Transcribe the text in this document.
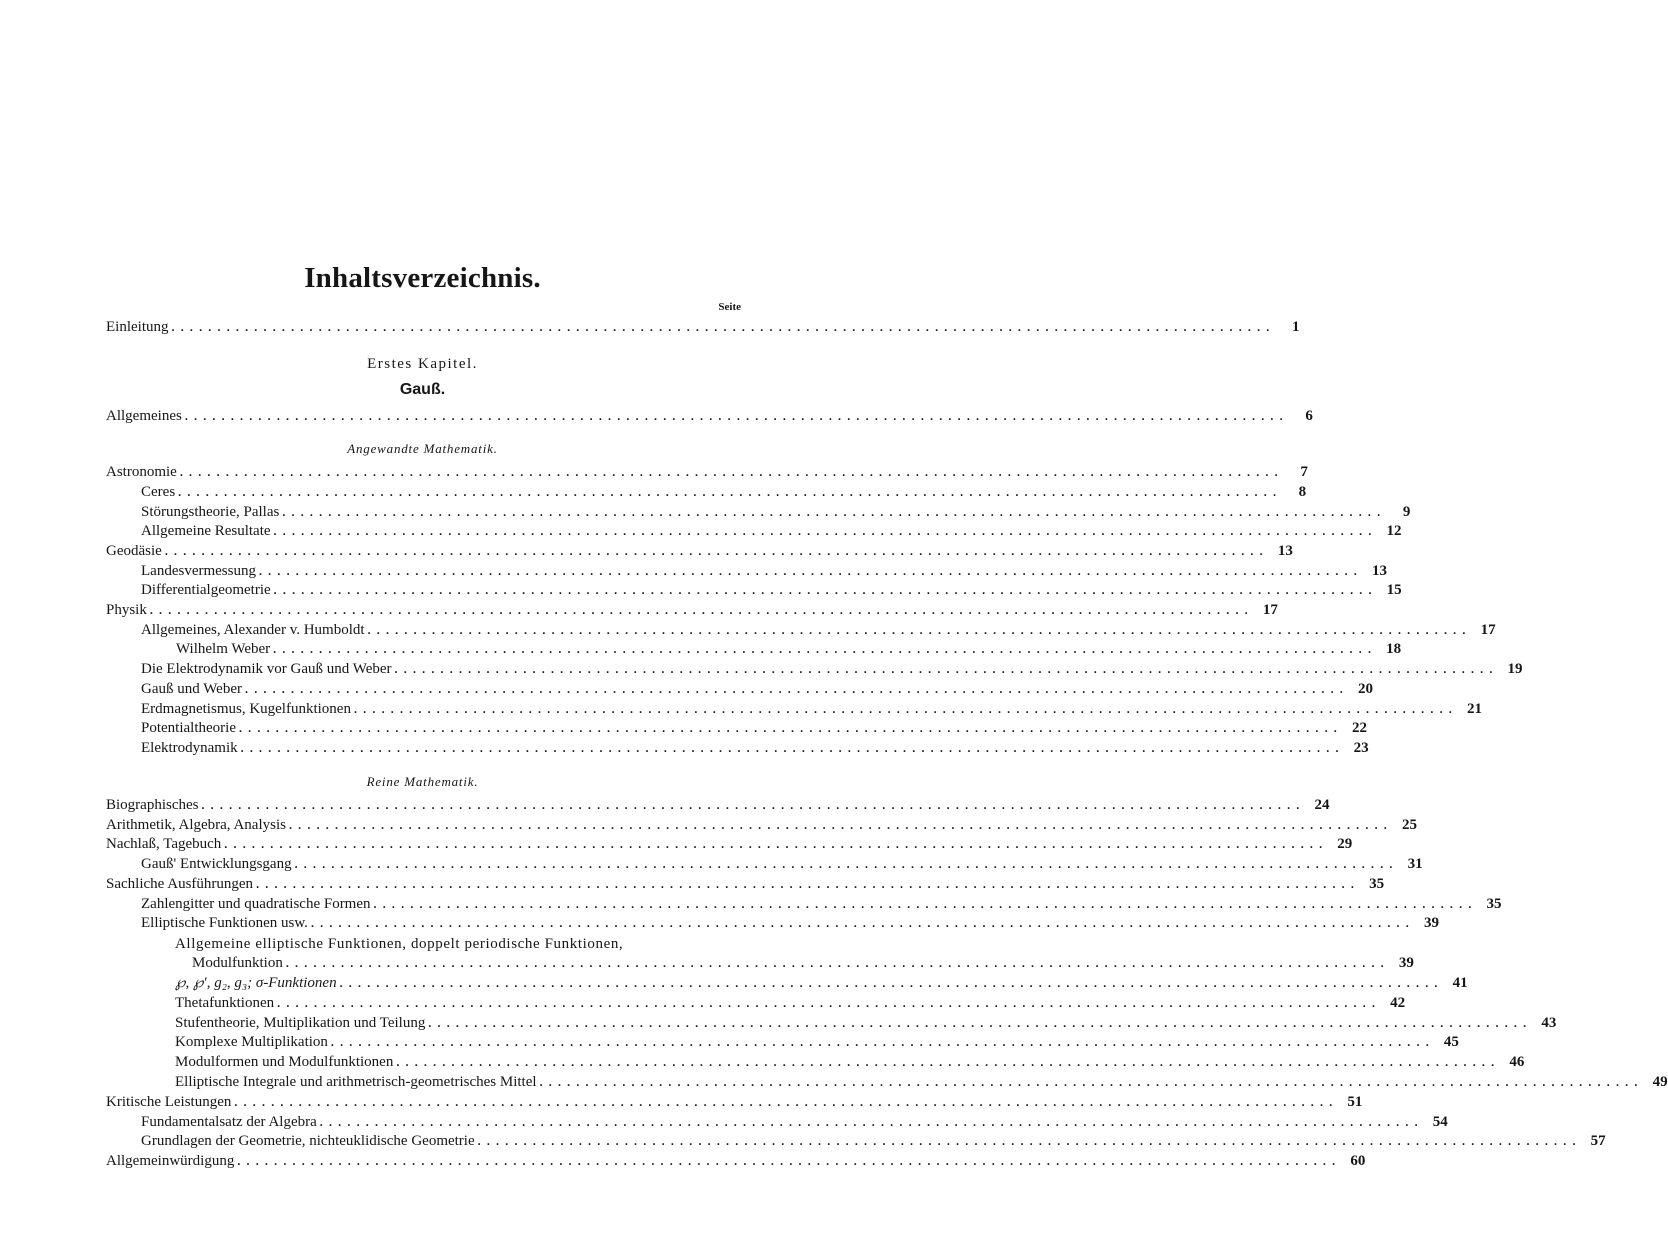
Inhaltsverzeichnis.
Seite
Einleitung ........................................................................................................................	1
Erstes Kapitel.
Gauß.
Allgemeines ........................................................................................................................	6
Angewandte Mathematik.
Astronomie ........................................................................................................................	7
Ceres ........................................................................................................................	8
Störungstheorie, Pallas ........................................................................................................................	9
Allgemeine Resultate ........................................................................................................................ 12
Geodäsie ........................................................................................................................ 13
Landesvermessung ........................................................................................................................ 13
Differentialgeometrie ........................................................................................................................ 15
Physik ........................................................................................................................ 17
Allgemeines, Alexander v. Humboldt ........................................................................................................................ 17
Wilhelm Weber ........................................................................................................................ 18
Die Elektrodynamik vor Gauß und Weber ........................................................................................................................ 19
Gauß und Weber ........................................................................................................................ 20
Erdmagnetismus, Kugelfunktionen ........................................................................................................................ 21
Potentialtheorie ........................................................................................................................ 22
Elektrodynamik ........................................................................................................................ 23
Reine Mathematik.
Biographisches ........................................................................................................................ 24
Arithmetik, Algebra, Analysis ........................................................................................................................ 25
Nachlaß, Tagebuch ........................................................................................................................ 29
Gauß' Entwicklungsgang ........................................................................................................................ 31
Sachliche Ausführungen ........................................................................................................................ 35
Zahlengitter und quadratische Formen ........................................................................................................................ 35
Elliptische Funktionen usw. ........................................................................................................................ 39
Allgemeine elliptische Funktionen, doppelt periodische Funktionen,
Modulfunktion ........................................................................................................................ 39
℘, ℘′, g₂, g₃; σ-Funktionen ........................................................................................................................ 41
Thetafunktionen ........................................................................................................................ 42
Stufentheorie, Multiplikation und Teilung ........................................................................................................................ 43
Komplexe Multiplikation ........................................................................................................................ 45
Modulformen und Modulfunktionen ........................................................................................................................ 46
Elliptische Integrale und arithmetrisch-geometrisches Mittel ........................................................................................................................ 49
Kritische Leistungen ........................................................................................................................ 51
Fundamentalsatz der Algebra ........................................................................................................................ 54
Grundlagen der Geometrie, nichteuklidische Geometrie ........................................................................................................................ 57
Allgemeinwürdigung ........................................................................................................................ 60
